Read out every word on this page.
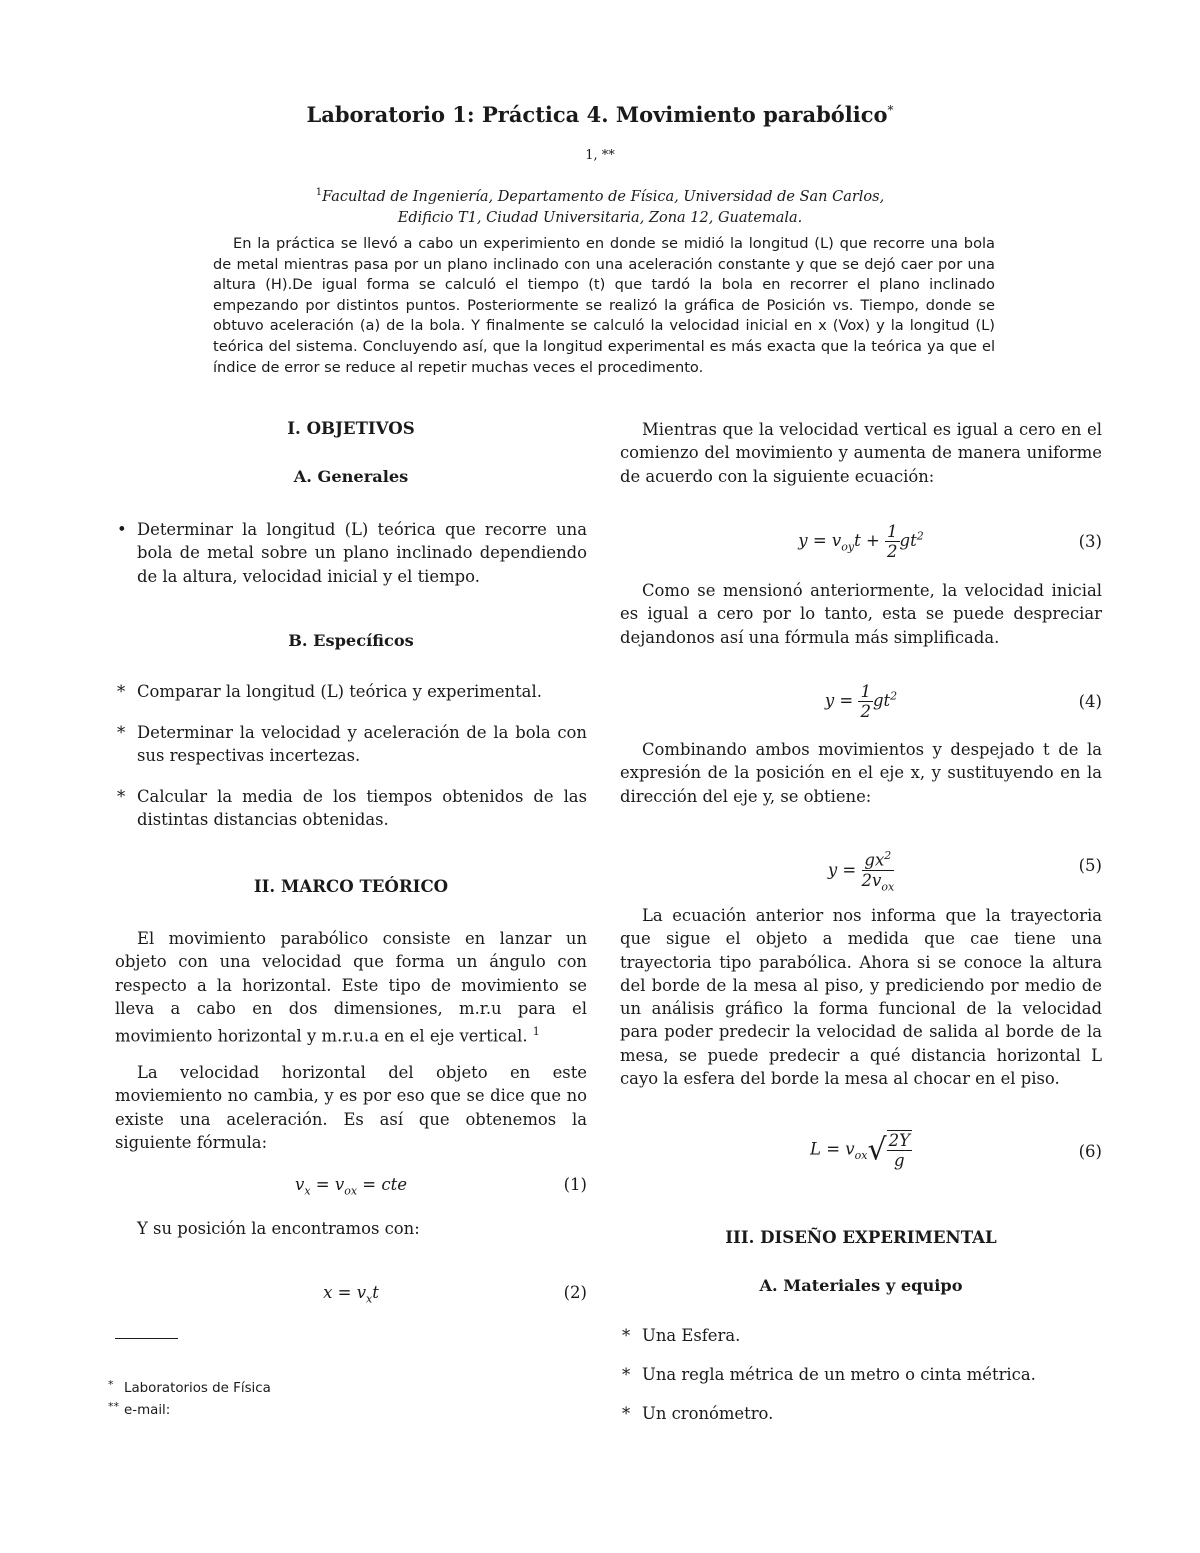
Laboratorio 1: Práctica 4. Movimiento parabólico*
1, **
$^1$Facultad de Ingeniería, Departamento de Física, Universidad de San Carlos,
Edificio T1, Ciudad Universitaria, Zona 12, Guatemala.

En la práctica se llevó a cabo un experimiento en donde se midió la longitud (L) que recorre una bola de metal mientras pasa por un plano inclinado con una aceleración constante y que se dejó caer por una altura (H).De igual forma se calculó el tiempo (t) que tardó la bola en recorrer el plano inclinado empezando por distintos puntos. Posteriormente se realizó la gráfica de Posición vs. Tiempo, donde se obtuvo aceleración (a) de la bola. Y finalmente se calculó la velocidad inicial en x (Vox) y la longitud (L) teórica del sistema. Concluyendo así, que la longitud experimental es más exacta que la teórica ya que el índice de error se reduce al repetir muchas veces el procedimento.

I. OBJETIVOS
A. Generales
• Determinar la longitud (L) teórica que recorre una bola de metal sobre un plano inclinado dependiendo de la altura, velocidad inicial y el tiempo.
B. Específicos
* Comparar la longitud (L) teórica y experimental.
* Determinar la velocidad y aceleración de la bola con sus respectivas incertezas.
* Calcular la media de los tiempos obtenidos de las distintas distancias obtenidas.
II. MARCO TEÓRICO

El movimiento parabólico consiste en lanzar un objeto con una velocidad que forma un ángulo con respecto a la horizontal. Este tipo de movimiento se lleva a cabo en dos dimensiones, m.r.u para el movimiento horizontal y m.r.u.a en el eje vertical. $^1$

La velocidad horizontal del objeto en este moviemiento no cambia, y es por eso que se dice que no existe una aceleración. Es así que obtenemos la siguiente fórmula:

$v_x = v_{ox}$ = cte	(1)

Y su posición la encontramos con:

$x = v_xt$	(2)

Mientras que la velocidad vertical es igual a cero en el comienzo del movimiento y aumenta de manera uniforme de acuerdo con la siguiente ecuación:

$y = v_{oy}t + \frac{1}{2} gt^2$	(3)

Como se mensionó anteriormente, la velocidad inicial es igual a cero por lo tanto, esta se puede despreciar dejandonos así una fórmula más simplificada.

$y = \frac{1}{2} gt^2$	(4)

Combinando ambos movimientos y despejado t de la expresión de la posición en el eje x, y sustituyendo en la dirección del eje y, se obtiene:

$y = \frac{gx^2}{2v_{ox}}$	(5)

La ecuación anterior nos informa que la trayectoria que sigue el objeto a medida que cae tiene una trayectoria tipo parabólica. Ahora si se conoce la altura del borde de la mesa al piso, y prediciendo por medio de un análisis gráfico la forma funcional de la velocidad para poder predecir la velocidad de salida al borde de la mesa, se puede predecir a qué distancia horizontal L cayo la esfera del borde la mesa al chocar en el piso.

$L = v_{ox}√ \frac{2Y}{g}$	(6)
III. DISEÑO EXPERIMENTAL
A. Materiales y equipo
* Una Esfera.
* Una regla métrica de un metro o cinta métrica.
* Un cronómetro.
* Laboratorios de Física
** e-mail:
